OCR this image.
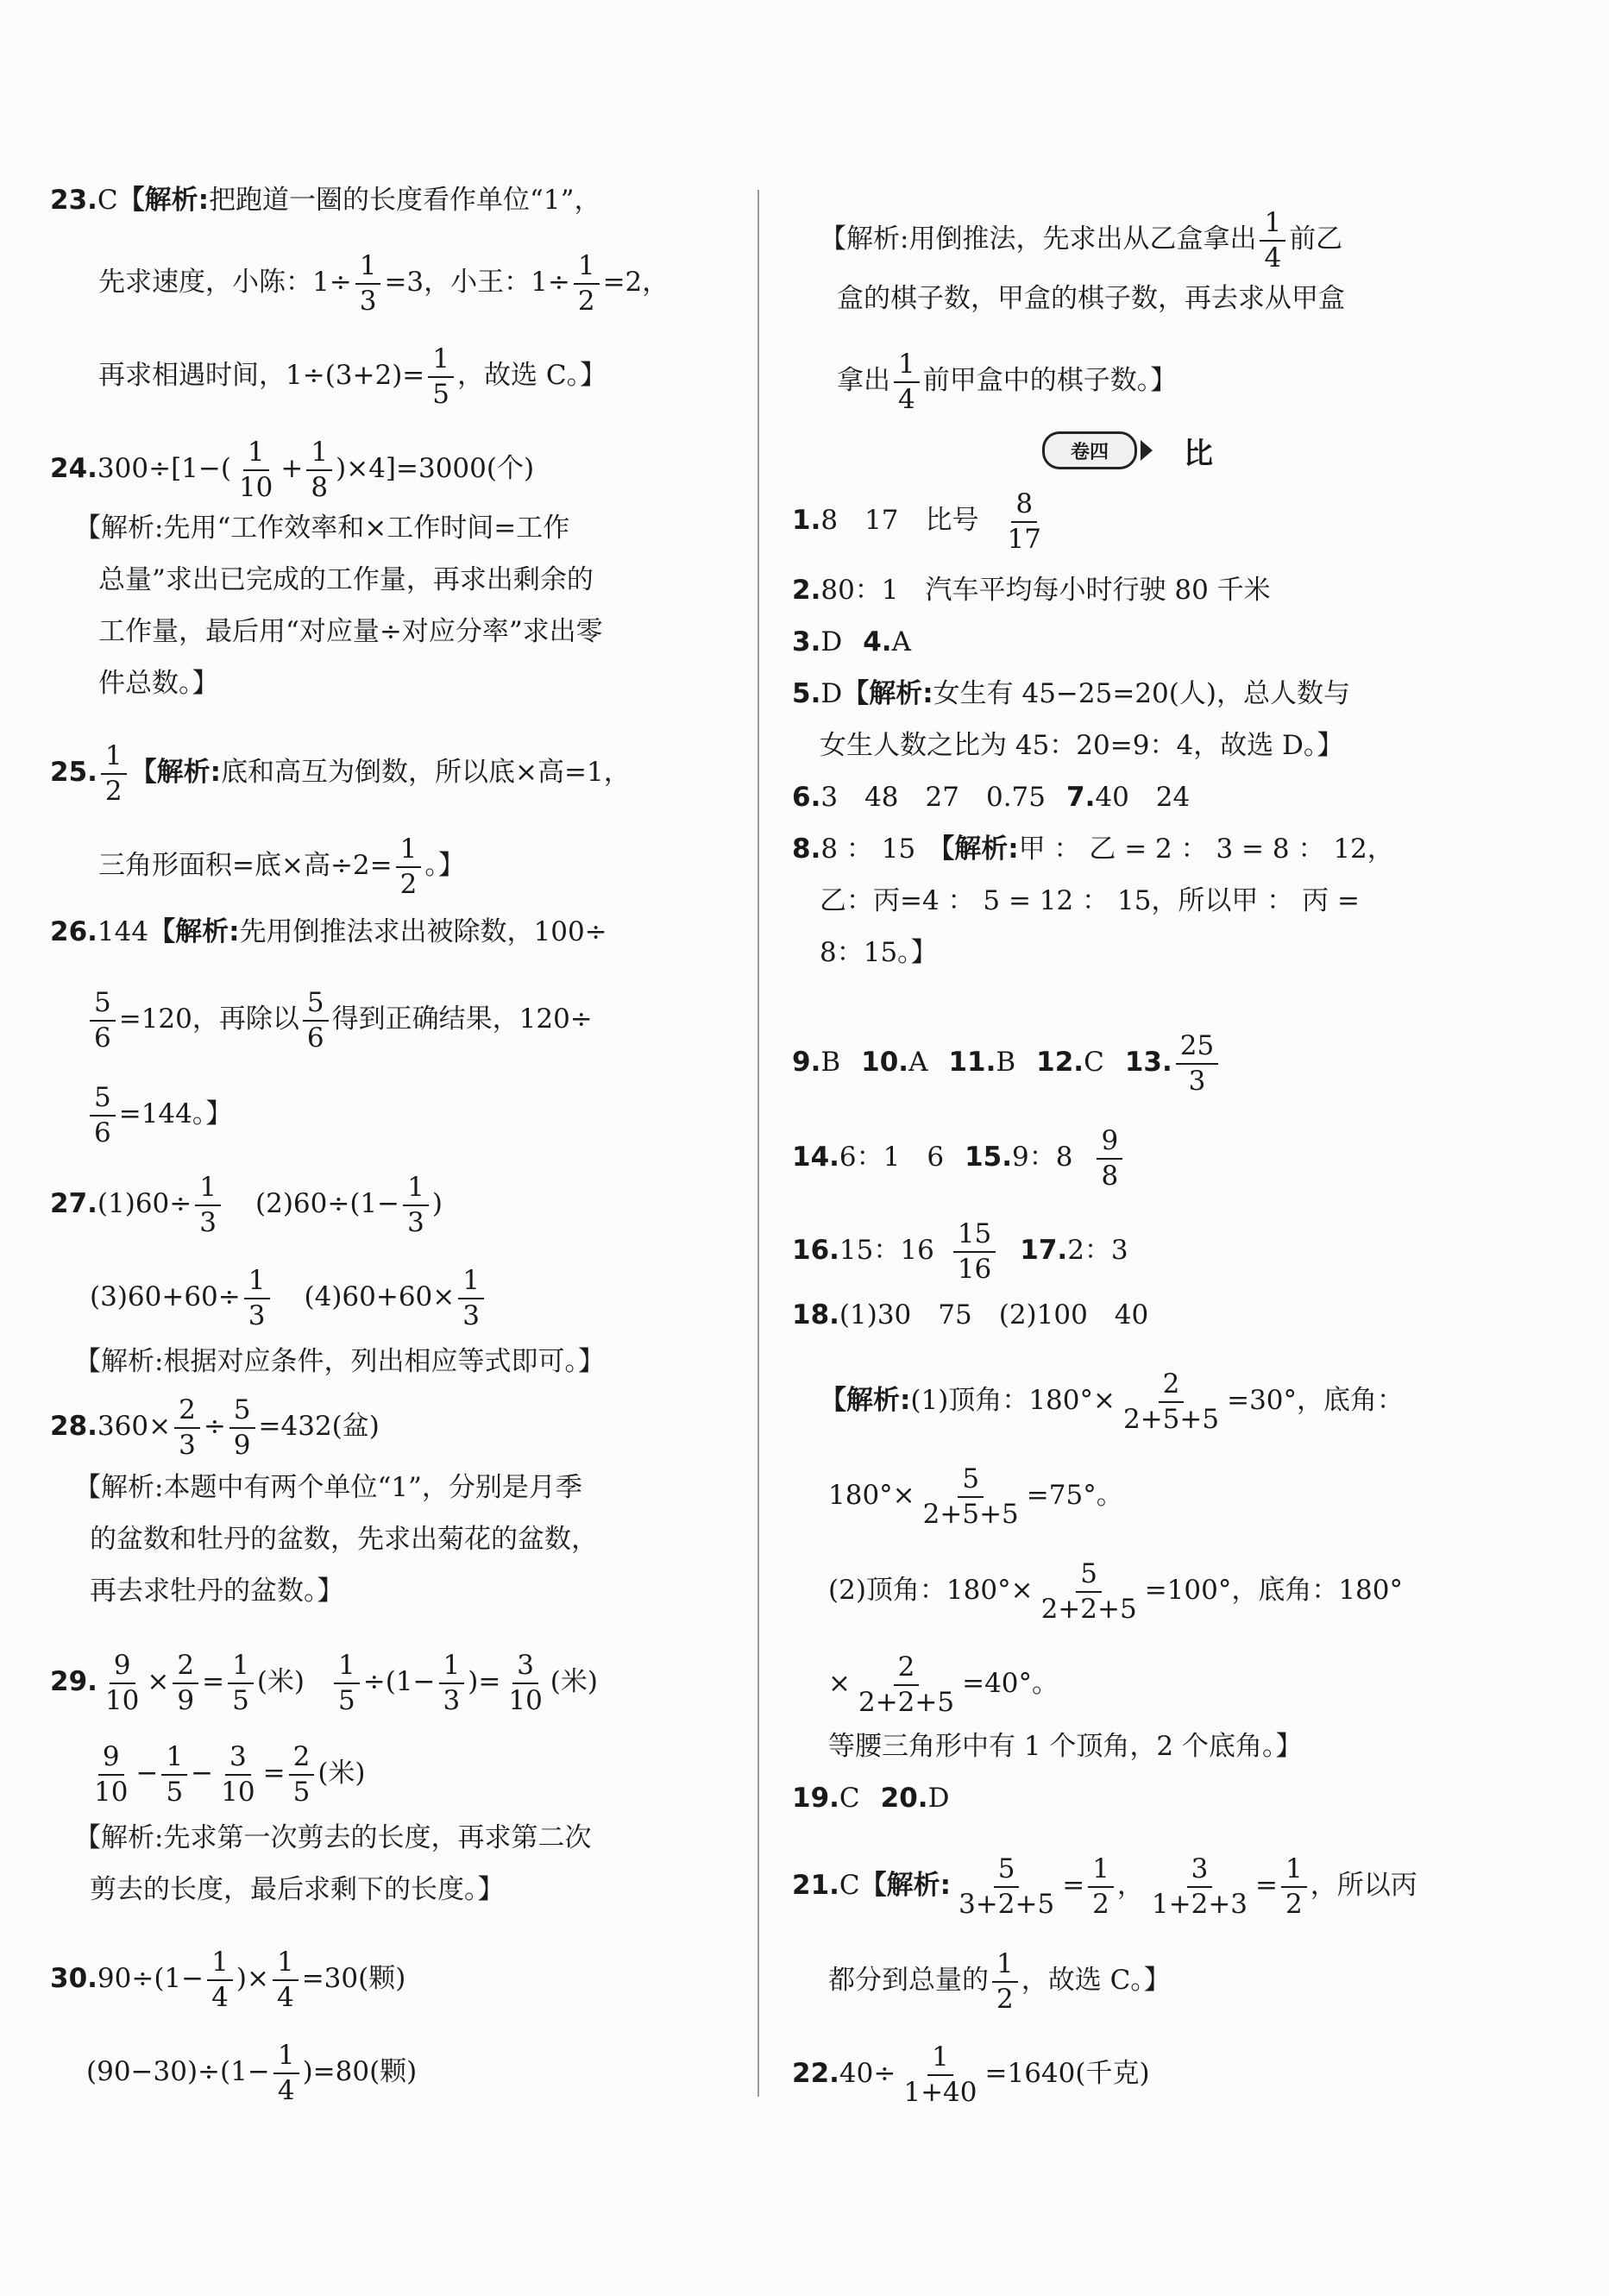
23.C【解析:把跑道一圈的长度看作单位“1”，
先求速度，小陈：$1\div \frac{1}{3} =3$，小王：$1\div \frac{1}{2} =2$，
再求相遇时间，$1\div(3+2)= \frac{1}{5}$ ，故选 C。】
$24.300\div[1-( \frac{1}{10} + \frac{1}{8} )\times 4]=3000$(个)
【解析:先用“工作效率和×工作时间=工作
总量”求出已完成的工作量，再求出剩余的
工作量，最后用“对应量÷对应分率”求出零
件总数。】
25. $\frac{1}{2}$ 【解析:底和高互为倒数，所以底×高=1，
三角形面积=底×高$\div 2= \frac{1}{2}$ 。】
26.144【解析:先用倒推法求出被除数，100÷
$\frac{5}{6} =120$，再除以 $\frac{5}{6}$ 得到正确结果，120÷
$\frac{5}{6} =144$。】
$27.(1)60\div \frac{1}{3} (2)60\div(1- \frac{1}{3}$ )
$(3)60+60\div \frac{1}{3} (4)60+60\times \frac{1}{3}$
【解析:根据对应条件，列出相应等式即可。】
$28.360\times \frac{2}{3} \div \frac{5}{9} =432$(盆)
【解析:本题中有两个单位“1”，分别是月季
的盆数和牡丹的盆数，先求出菊花的盆数，
再去求牡丹的盆数。】
29. $\frac{9}{10} \times \frac{2}{9} = \frac{1}{5}$ (米) $\frac{1}{5} \div(1- \frac{1}{3}$ )= $\frac{3}{10}$ (米)
$\frac{9}{10} - \frac{1}{5} - \frac{3}{10} = \frac{2}{5}$ (米)
【解析:先求第一次剪去的长度，再求第二次
剪去的长度，最后求剩下的长度。】
$30.90\div(1- \frac{1}{4}$ )× $\frac{1}{4} =30$(颗)
$(90-30)\div(1- \frac{1}{4} )=80$(颗)
【解析:用倒推法，先求出从乙盒拿出 $\frac{1}{4}$ 前乙
盒的棋子数，甲盒的棋子数，再去求从甲盒
拿出 $\frac{1}{4}$ 前甲盒中的棋子数。】
卷四	比
1.8　17　比号 $\frac{8}{17}$
2.80：1　汽车平均每小时行驶 80 千米
3.D 4.A
5.D【解析:女生有 45−25=20(人)，总人数与
女生人数之比为 45：20=9：4，故选 D。】
6.3　48　27　0.75 7.40　24
8.8 ： 15 【解析:甲 ： 乙 = 2 ： 3 = 8 ： 12，
乙：丙=4 ： 5 = 12 ： 15，所以甲 ： 丙 =
8：15。】
9.B 10.A 11.B 12.C 13. $\frac{25}{3}$
14.6：1　6 15.9：$8 \frac{9}{8}$
16.15：$16 \frac{15}{16} 17.2$：3
18.(1)30　75　(2)100　40
【解析:(1)顶角：$180^\circ\times \frac{2}{2+5+5} =30^\circ$，底角：
$180^\circ\times \frac{5}{2+5+5} =75^\circ$。
(2)顶角：$180^\circ\times \frac{5}{2+2+5} =100^\circ$，底角：180°
× $\frac{2}{2+2+5} =40^\circ$。
等腰三角形中有 1 个顶角，2 个底角。】
19.C 20.D
21.C【解析: $\frac{5}{3+2+5} = \frac{1}{2}$ ， $\frac{3}{1+2+3} = \frac{1}{2}$ ，所以丙
都分到总量的 $\frac{1}{2}$ ，故选 C。】
$22.40\div \frac{1}{1+40} =1640$(千克)
